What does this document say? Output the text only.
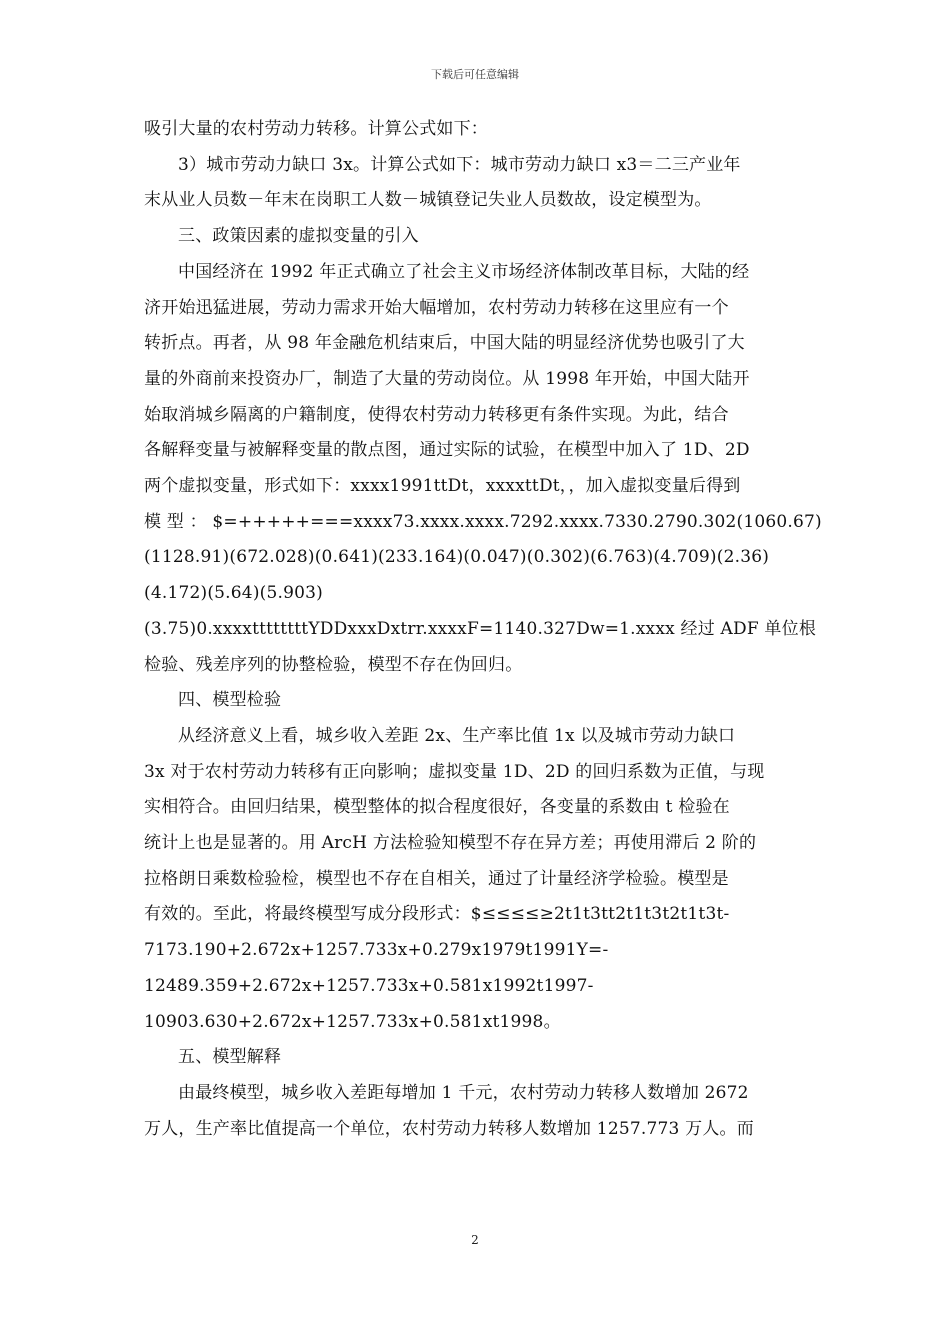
下载后可任意编辑

吸引大量的农村劳动力转移。计算公式如下：

3）城市劳动力缺口 3x。计算公式如下：城市劳动力缺口 x3＝二三产业年
末从业人员数－年末在岗职工人数－城镇登记失业人员数故，设定模型为。

三、政策因素的虚拟变量的引入

中国经济在 1992 年正式确立了社会主义市场经济体制改革目标，大陆的经
济开始迅猛进展，劳动力需求开始大幅增加，农村劳动力转移在这里应有一个
转折点。再者，从 98 年金融危机结束后，中国大陆的明显经济优势也吸引了大
量的外商前来投资办厂，制造了大量的劳动岗位。从 1998 年开始，中国大陆开
始取消城乡隔离的户籍制度，使得农村劳动力转移更有条件实现。为此，结合
各解释变量与被解释变量的散点图，通过实际的试验，在模型中加入了 1D、2D
两个虚拟变量，形式如下：xxxx1991ttDt，xxxxttDt，，加入虚拟变量后得到
模 型 ： $=+++++===xxxx73.xxxx.xxxx.7292.xxxx.7330.2790.302(1060.67)
(1128.91)(672.028)(0.641)(233.164)(0.047)(0.302)(6.763)(4.709)(2.36)
(4.172)(5.64)(5.903)

(3.75)0.xxxxttttttttYDDxxxDxtrr.xxxxF=1140.327Dw=1.xxxx 经过 ADF 单位根
检验、残差序列的协整检验，模型不存在伪回归。

四、模型检验

从经济意义上看，城乡收入差距 2x、生产率比值 1x 以及城市劳动力缺口
3x 对于农村劳动力转移有正向影响；虚拟变量 1D、2D 的回归系数为正值，与现
实相符合。由回归结果，模型整体的拟合程度很好，各变量的系数由 t 检验在
统计上也是显著的。用 ArcH 方法检验知模型不存在异方差；再使用滞后 2 阶的
拉格朗日乘数检验检，模型也不存在自相关，通过了计量经济学检验。模型是
有效的。至此，将最终模型写成分段形式：$≤≤≤≤≥2t1t3tt2t1t3t2t1t3t-
7173.190+2.672x+1257.733x+0.279x1979t1991Y=-
12489.359+2.672x+1257.733x+0.581x1992t1997-
10903.630+2.672x+1257.733x+0.581xt1998。

五、模型解释

由最终模型，城乡收入差距每增加 1 千元，农村劳动力转移人数增加 2672
万人，生产率比值提高一个单位，农村劳动力转移人数增加 1257.773 万人。而

2
